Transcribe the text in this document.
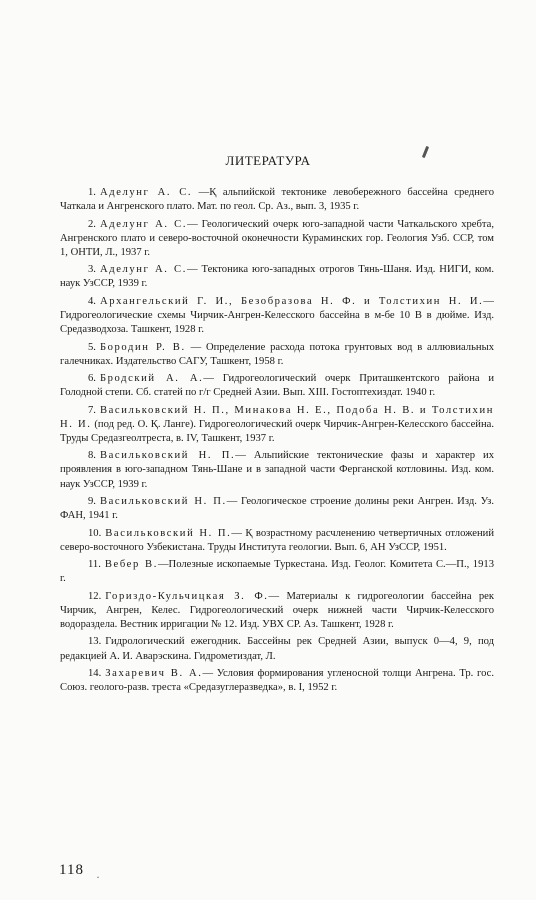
ЛИТЕРАТУРА

1. Аделунг А. С. —Қ альпийской тектонике левобережного бассейна среднего Чаткала и Ангренского плато. Мат. по геол. Ср. Аз., вып. 3, 1935 г.

2. Аделунг А. С.— Геологический очерк юго-западной части Чаткальского хребта, Ангренского плато и северо-восточной оконечности Кураминских гор. Геология Узб. ССР, том 1, ОНТИ, Л., 1937 г.

3. Аделунг А. С.— Тектоника юго-западных отрогов Тянь-Шаня. Изд. НИГИ, ком. наук УзССР, 1939 г.

4. Архангельский Г. И., Безобразова Н. Ф. и Толстихин Н. И.— Гидрогеологические схемы Чирчик-Ангрен-Келесского бассейна в м-бе 10 В в дюйме. Изд. Средазводхоза. Ташкент, 1928 г.

5. Бородин Р. В. — Определение расхода потока грунтовых вод в аллювиальных галечниках. Издательство САГУ, Ташкент, 1958 г.

6. Бродский А. А.— Гидрогеологический очерк Приташкентского района и Голодной степи. Сб. статей по г/г Средней Азии. Вып. XIII. Гостоптехиздат. 1940 г.

7. Васильковский Н. П., Минакова Н. Е., Подоба Н. В. и Толстихин Н. И. (под ред. О. Қ. Ланге). Гидрогеологический очерк Чирчик-Ангрен-Келесского бассейна. Труды Средазгеолтреста, в. IV, Ташкент, 1937 г.

8. Васильковский Н. П.— Альпийские тектонические фазы и характер их проявления в юго-западном Тянь-Шане и в западной части Ферганской котловины. Изд. ком. наук УзССР, 1939 г.

9. Васильковский Н. П.— Геологическое строение долины реки Ангрен. Изд. Уз. ФАН, 1941 г.

10. Васильковский Н. П.— Қ возрастному расчленению четвертичных отложений северо-восточного Узбекистана. Труды Института геологии. Вып. 6, АН УзССР, 1951.

11. Вебер В.—Полезные ископаемые Туркестана. Изд. Геолог. Комитета С.—П., 1913 г.

12. Гориздо-Кульчицкая З. Ф.— Материалы к гидрогеологии бассейна рек Чирчик, Ангрен, Келес. Гидрогеологический очерк нижней части Чирчик-Келесского водораздела. Вестник ирригации № 12. Изд. УВХ СР. Аз. Ташкент, 1928 г.

13. Гидрологический ежегодник. Бассейны рек Средней Азии, выпуск 0—4, 9, под редакцией А. И. Аварэскина. Гидрометиздат, Л.

14. Захаревич В. А.— Условия формирования угленосной толщи Ангрена. Тр. гос. Союз. геолого-разв. треста «Средазуглеразведка», в. I, 1952 г.

118 ·
